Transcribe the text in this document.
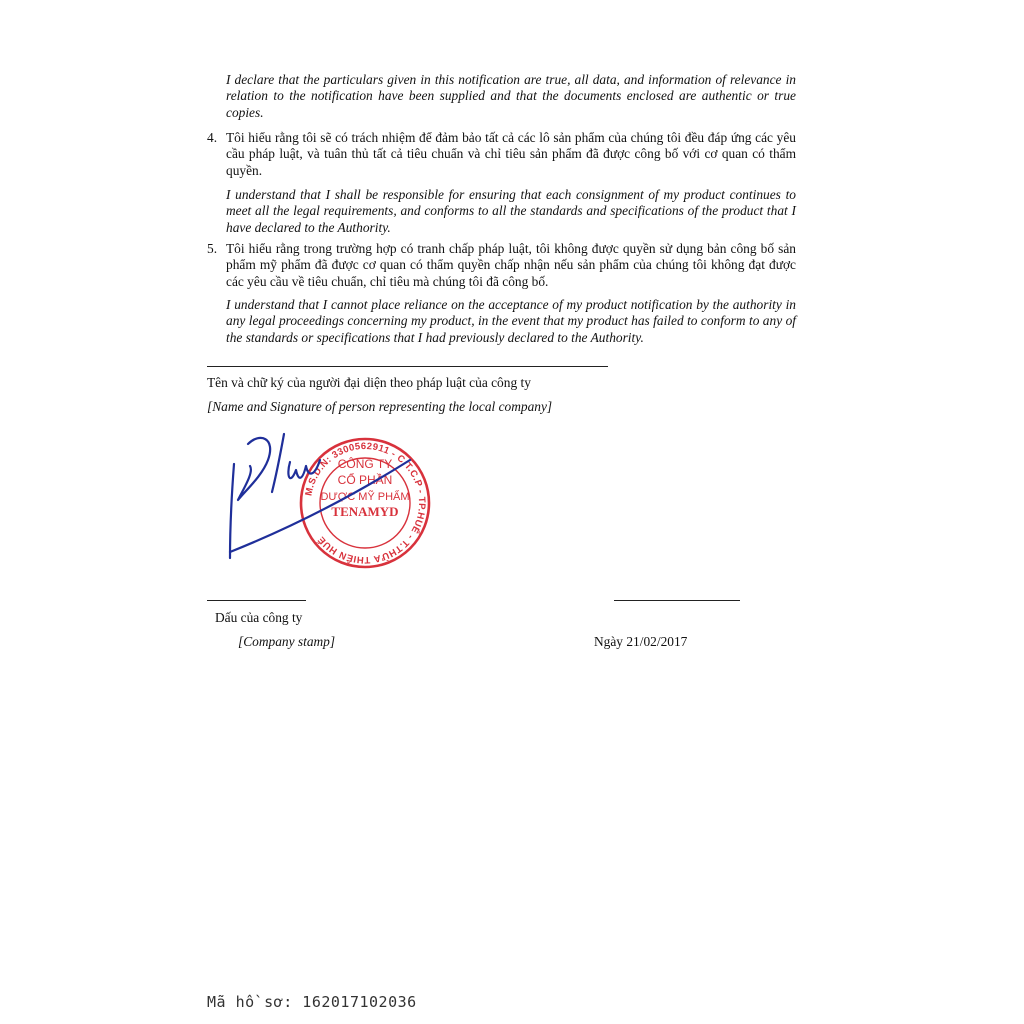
I declare that the particulars given in this notification are true, all data, and information of relevance in relation to the notification have been supplied and that the documents enclosed are authentic or true copies.
4. Tôi hiểu rằng tôi sẽ có trách nhiệm để đảm bảo tất cả các lô sản phẩm của chúng tôi đều đáp ứng các yêu cầu pháp luật, và tuân thủ tất cả tiêu chuẩn và chỉ tiêu sản phẩm đã được công bố với cơ quan có thẩm quyền.
I understand that I shall be responsible for ensuring that each consignment of my product continues to meet all the legal requirements, and conforms to all the standards and specifications of the product that I have declared to the Authority.
5. Tôi hiểu rằng trong trường hợp có tranh chấp pháp luật, tôi không được quyền sử dụng bản công bố sản phẩm mỹ phẩm đã được cơ quan có thẩm quyền chấp nhận nếu sản phẩm của chúng tôi không đạt được các yêu cầu về tiêu chuẩn, chỉ tiêu mà chúng tôi đã công bố.
I understand that I cannot place reliance on the acceptance of my product notification by the authority in any legal proceedings concerning my product, in the event that my product has failed to conform to any of the standards or specifications that I had previously declared to the Authority.
Tên và chữ ký của người đại diện theo pháp luật của công ty
[Name and Signature of person representing the local company]
M.S.D.N: 3300562911 - C.T.C.P - TP.HUẾ - T.THỪA THIÊN HUẾ
CÔNG TY
CỔ PHẦN
DƯỢC MỸ PHẨM
TENAMYD
Dấu của công ty
[Company stamp]	Ngày 21/02/2017
Mã hồ sơ: 162017102036
